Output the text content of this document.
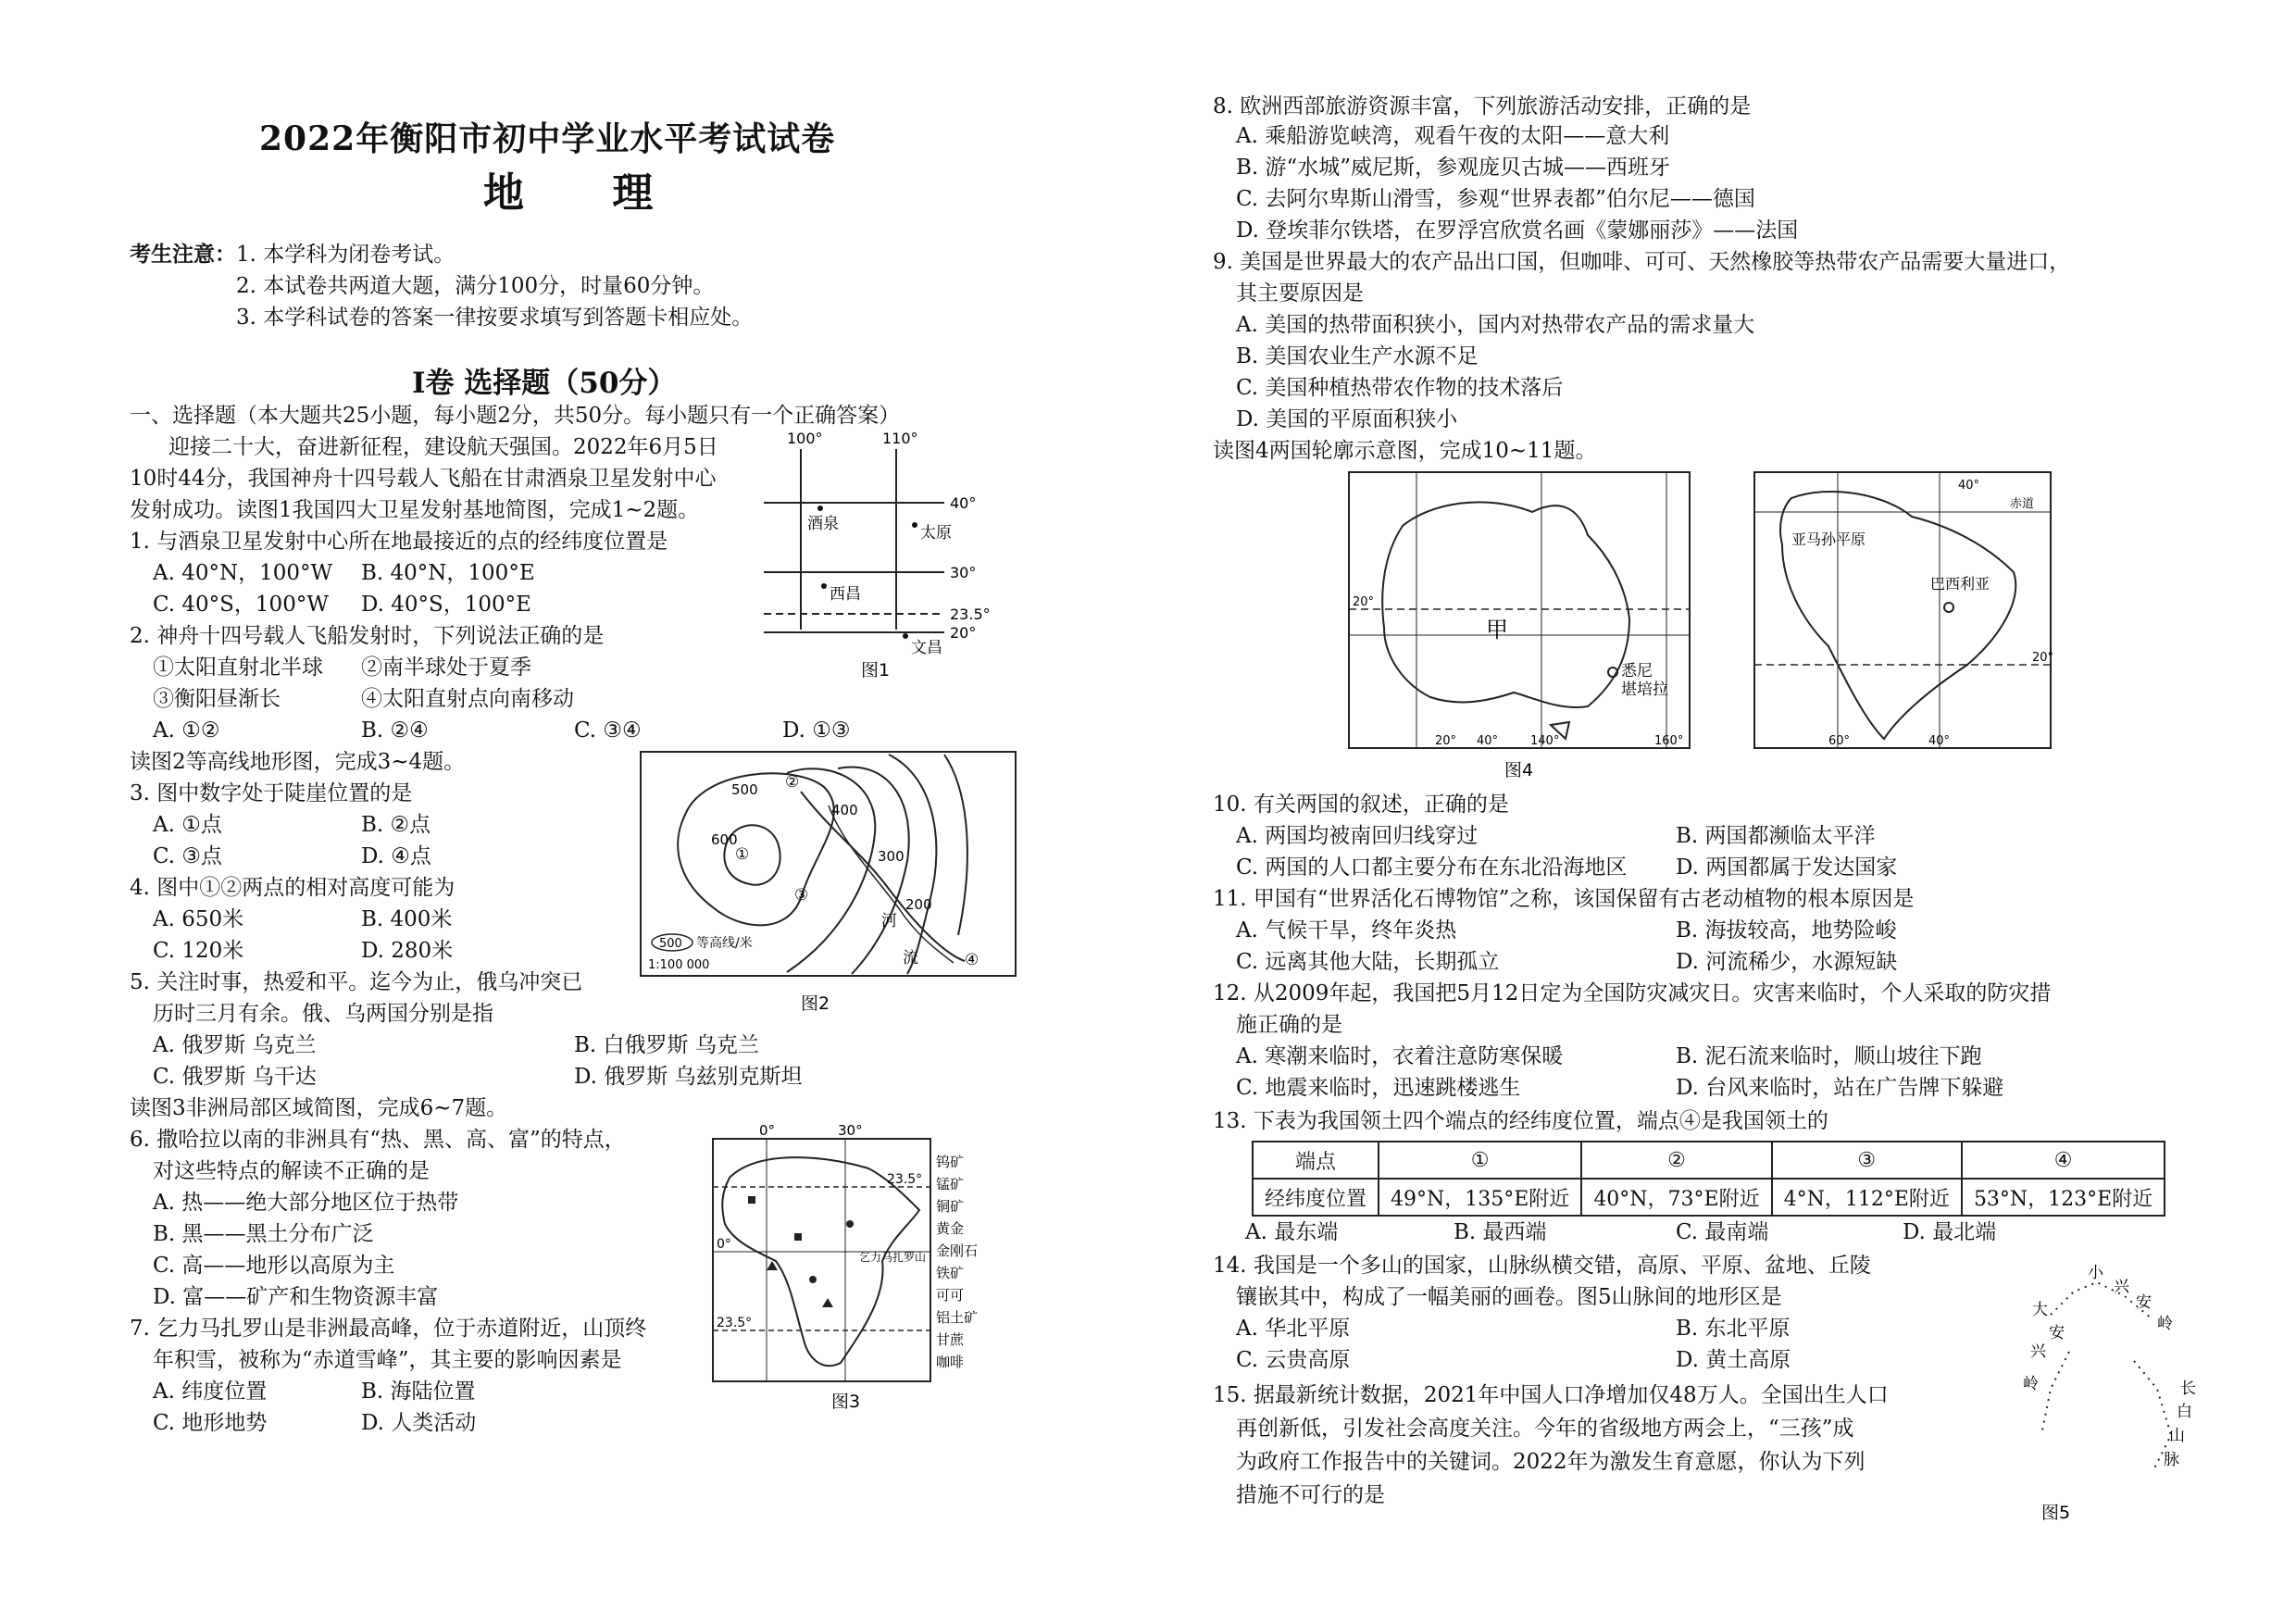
2022年衡阳市初中学业水平考试试卷
地 理
考生注意： 1. 本学科为闭卷考试。
2. 本试卷共两道大题，满分100分，时量60分钟。
3. 本学科试卷的答案一律按要求填写到答题卡相应处。
I卷 选择题（50分）
一、选择题（本大题共25小题，每小题2分，共50分。每小题只有一个正确答案）
迎接二十大，奋进新征程，建设航天强国。2022年6月5日
10时44分，我国神舟十四号载人飞船在甘肃酒泉卫星发射中心
发射成功。读图1我国四大卫星发射基地简图，完成1~2题。
1. 与酒泉卫星发射中心所在地最接近的点的经纬度位置是
A. 40°N，100°W B. 40°N，100°E
C. 40°S，100°W D. 40°S，100°E
2. 神舟十四号载人飞船发射时，下列说法正确的是
①太阳直射北半球 ②南半球处于夏季
③衡阳昼渐长	④太阳直射点向南移动
A. ①②	B. ②④	C. ③④	D. ①③
读图2等高线地形图，完成3~4题。
3. 图中数字处于陡崖位置的是
A. ①点	B. ②点
C. ③点	D. ④点
4. 图中①②两点的相对高度可能为
A. 650米	B. 400米
C. 120米	D. 280米
5. 关注时事，热爱和平。迄今为止，俄乌冲突已
历时三月有余。俄、乌两国分别是指
A. 俄罗斯 乌克兰	B. 白俄罗斯 乌克兰
C. 俄罗斯 乌干达	D. 俄罗斯 乌兹别克斯坦
读图3非洲局部区域简图，完成6~7题。
6. 撒哈拉以南的非洲具有“热、黑、高、富”的特点，
对这些特点的解读不正确的是
A. 热——绝大部分地区位于热带
B. 黑——黑土分布广泛
C. 高——地形以高原为主
D. 富——矿产和生物资源丰富
7. 乞力马扎罗山是非洲最高峰，位于赤道附近，山顶终
年积雪，被称为“赤道雪峰”，其主要的影响因素是
A. 纬度位置	B. 海陆位置
C. 地形地势	D. 人类活动
100°	110°
40°
30°
23.5°
20°
酒泉	太原
西昌
文昌
图1
500
400
300
200
600
①
②
③
④
河
流
500 等高线/米
1:100 000
图2
0°	30°
23.5°
0°
23.5°
乞力马扎罗山
钨矿
锰矿
铜矿
黄金
金刚石
铁矿
可可
铝土矿
甘蔗
咖啡
图3
8. 欧洲西部旅游资源丰富，下列旅游活动安排，正确的是
A. 乘船游览峡湾，观看午夜的太阳——意大利
B. 游“水城”威尼斯，参观庞贝古城——西班牙
C. 去阿尔卑斯山滑雪，参观“世界表都”伯尔尼——德国
D. 登埃菲尔铁塔，在罗浮宫欣赏名画《蒙娜丽莎》——法国
9. 美国是世界最大的农产品出口国，但咖啡、可可、天然橡胶等热带农产品需要大量进口，
其主要原因是
A. 美国的热带面积狭小，国内对热带农产品的需求量大
B. 美国农业生产水源不足
C. 美国种植热带农作物的技术落后
D. 美国的平原面积狭小
读图4两国轮廓示意图，完成10~11题。
甲
悉尼
堪培拉
20°
20° 40°	140°	160°
图4
亚马孙平原
巴西利亚
赤道
40°
20°
60°	40°
10. 有关两国的叙述，正确的是
A. 两国均被南回归线穿过	B. 两国都濒临太平洋
C. 两国的人口都主要分布在东北沿海地区 D. 两国都属于发达国家
11. 甲国有“世界活化石博物馆”之称，该国保留有古老动植物的根本原因是
A. 气候干旱，终年炎热	B. 海拔较高，地势险峻
C. 远离其他大陆，长期孤立	D. 河流稀少，水源短缺
12. 从2009年起，我国把5月12日定为全国防灾减灾日。灾害来临时，个人采取的防灾措
施正确的是
A. 寒潮来临时，衣着注意防寒保暖	B. 泥石流来临时，顺山坡往下跑
C. 地震来临时，迅速跳楼逃生	D. 台风来临时，站在广告牌下躲避
13. 下表为我国领土四个端点的经纬度位置，端点④是我国领土的
端点	①	②	③	④
经纬度位置	49°N，135°E附近	40°N，73°E附近	4°N，112°E附近	53°N，123°E附近
A. 最东端	B. 最西端	C. 最南端	D. 最北端
14. 我国是一个多山的国家，山脉纵横交错，高原、平原、盆地、丘陵
镶嵌其中，构成了一幅美丽的画卷。图5山脉间的地形区是
A. 华北平原	B. 东北平原
C. 云贵高原	D. 黄土高原
15. 据最新统计数据，2021年中国人口净增加仅48万人。全国出生人口
再创新低，引发社会高度关注。今年的省级地方两会上，“三孩”成
为政府工作报告中的关键词。2022年为激发生育意愿，你认为下列
措施不可行的是
大
兴
安
岭
小
兴
安
岭
长
白
山
脉
图5
